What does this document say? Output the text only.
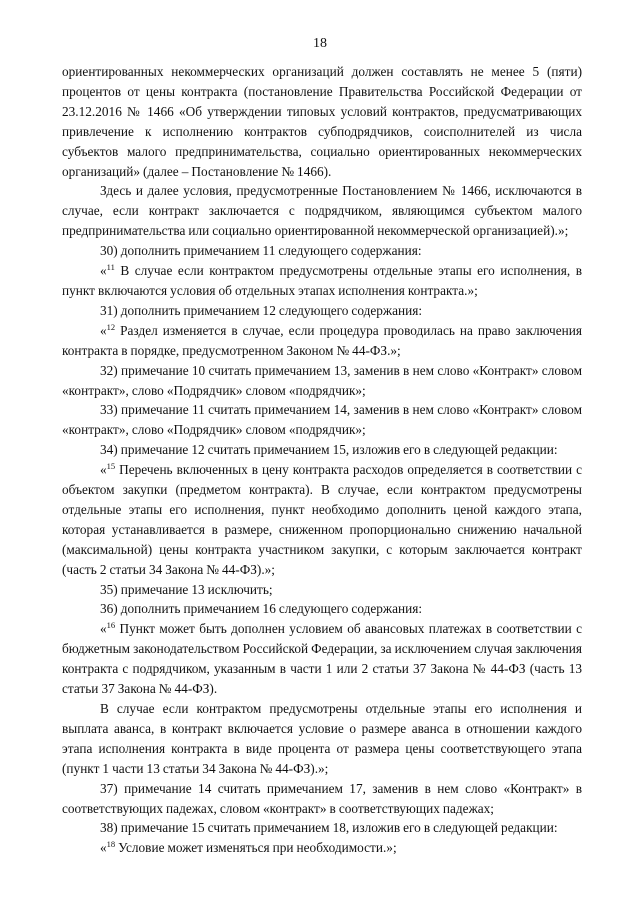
18

ориентированных некоммерческих организаций должен составлять не менее 5 (пяти) процентов от цены контракта (постановление Правительства Российской Федерации от 23.12.2016 № 1466 «Об утверждении типовых условий контрактов, предусматривающих привлечение к исполнению контрактов субподрядчиков, соисполнителей из числа субъектов малого предпринимательства, социально ориентированных некоммерческих организаций» (далее – Постановление № 1466).

Здесь и далее условия, предусмотренные Постановлением № 1466, исключаются в случае, если контракт заключается с подрядчиком, являющимся субъектом малого предпринимательства или социально ориентированной некоммерческой организацией).»;

30) дополнить примечанием 11 следующего содержания:

«$^{11}$ В случае если контрактом предусмотрены отдельные этапы его исполнения, в пункт включаются условия об отдельных этапах исполнения контракта.»;

31) дополнить примечанием 12 следующего содержания:

«$^{12}$ Раздел изменяется в случае, если процедура проводилась на право заключения контракта в порядке, предусмотренном Законом № 44-ФЗ.»;

32) примечание 10 считать примечанием 13, заменив в нем слово «Контракт» словом «контракт», слово «Подрядчик» словом «подрядчик»;

33) примечание 11 считать примечанием 14, заменив в нем слово «Контракт» словом «контракт», слово «Подрядчик» словом «подрядчик»;

34) примечание 12 считать примечанием 15, изложив его в следующей редакции:

«$^{15}$ Перечень включенных в цену контракта расходов определяется в соответствии с объектом закупки (предметом контракта). В случае, если контрактом предусмотрены отдельные этапы его исполнения, пункт необходимо дополнить ценой каждого этапа, которая устанавливается в размере, сниженном пропорционально снижению начальной (максимальной) цены контракта участником закупки, с которым заключается контракт (часть 2 статьи 34 Закона № 44-ФЗ).»;

35) примечание 13 исключить;

36) дополнить примечанием 16 следующего содержания:

«$^{16}$ Пункт может быть дополнен условием об авансовых платежах в соответствии с бюджетным законодательством Российской Федерации, за исключением случая заключения контракта с подрядчиком, указанным в части 1 или 2 статьи 37 Закона № 44-ФЗ (часть 13 статьи 37 Закона № 44-ФЗ).

В случае если контрактом предусмотрены отдельные этапы его исполнения и выплата аванса, в контракт включается условие о размере аванса в отношении каждого этапа исполнения контракта в виде процента от размера цены соответствующего этапа (пункт 1 части 13 статьи 34 Закона № 44-ФЗ).»;

37) примечание 14 считать примечанием 17, заменив в нем слово «Контракт» в соответствующих падежах, словом «контракт» в соответствующих падежах;

38) примечание 15 считать примечанием 18, изложив его в следующей редакции:

«$^{18}$ Условие может изменяться при необходимости.»;
